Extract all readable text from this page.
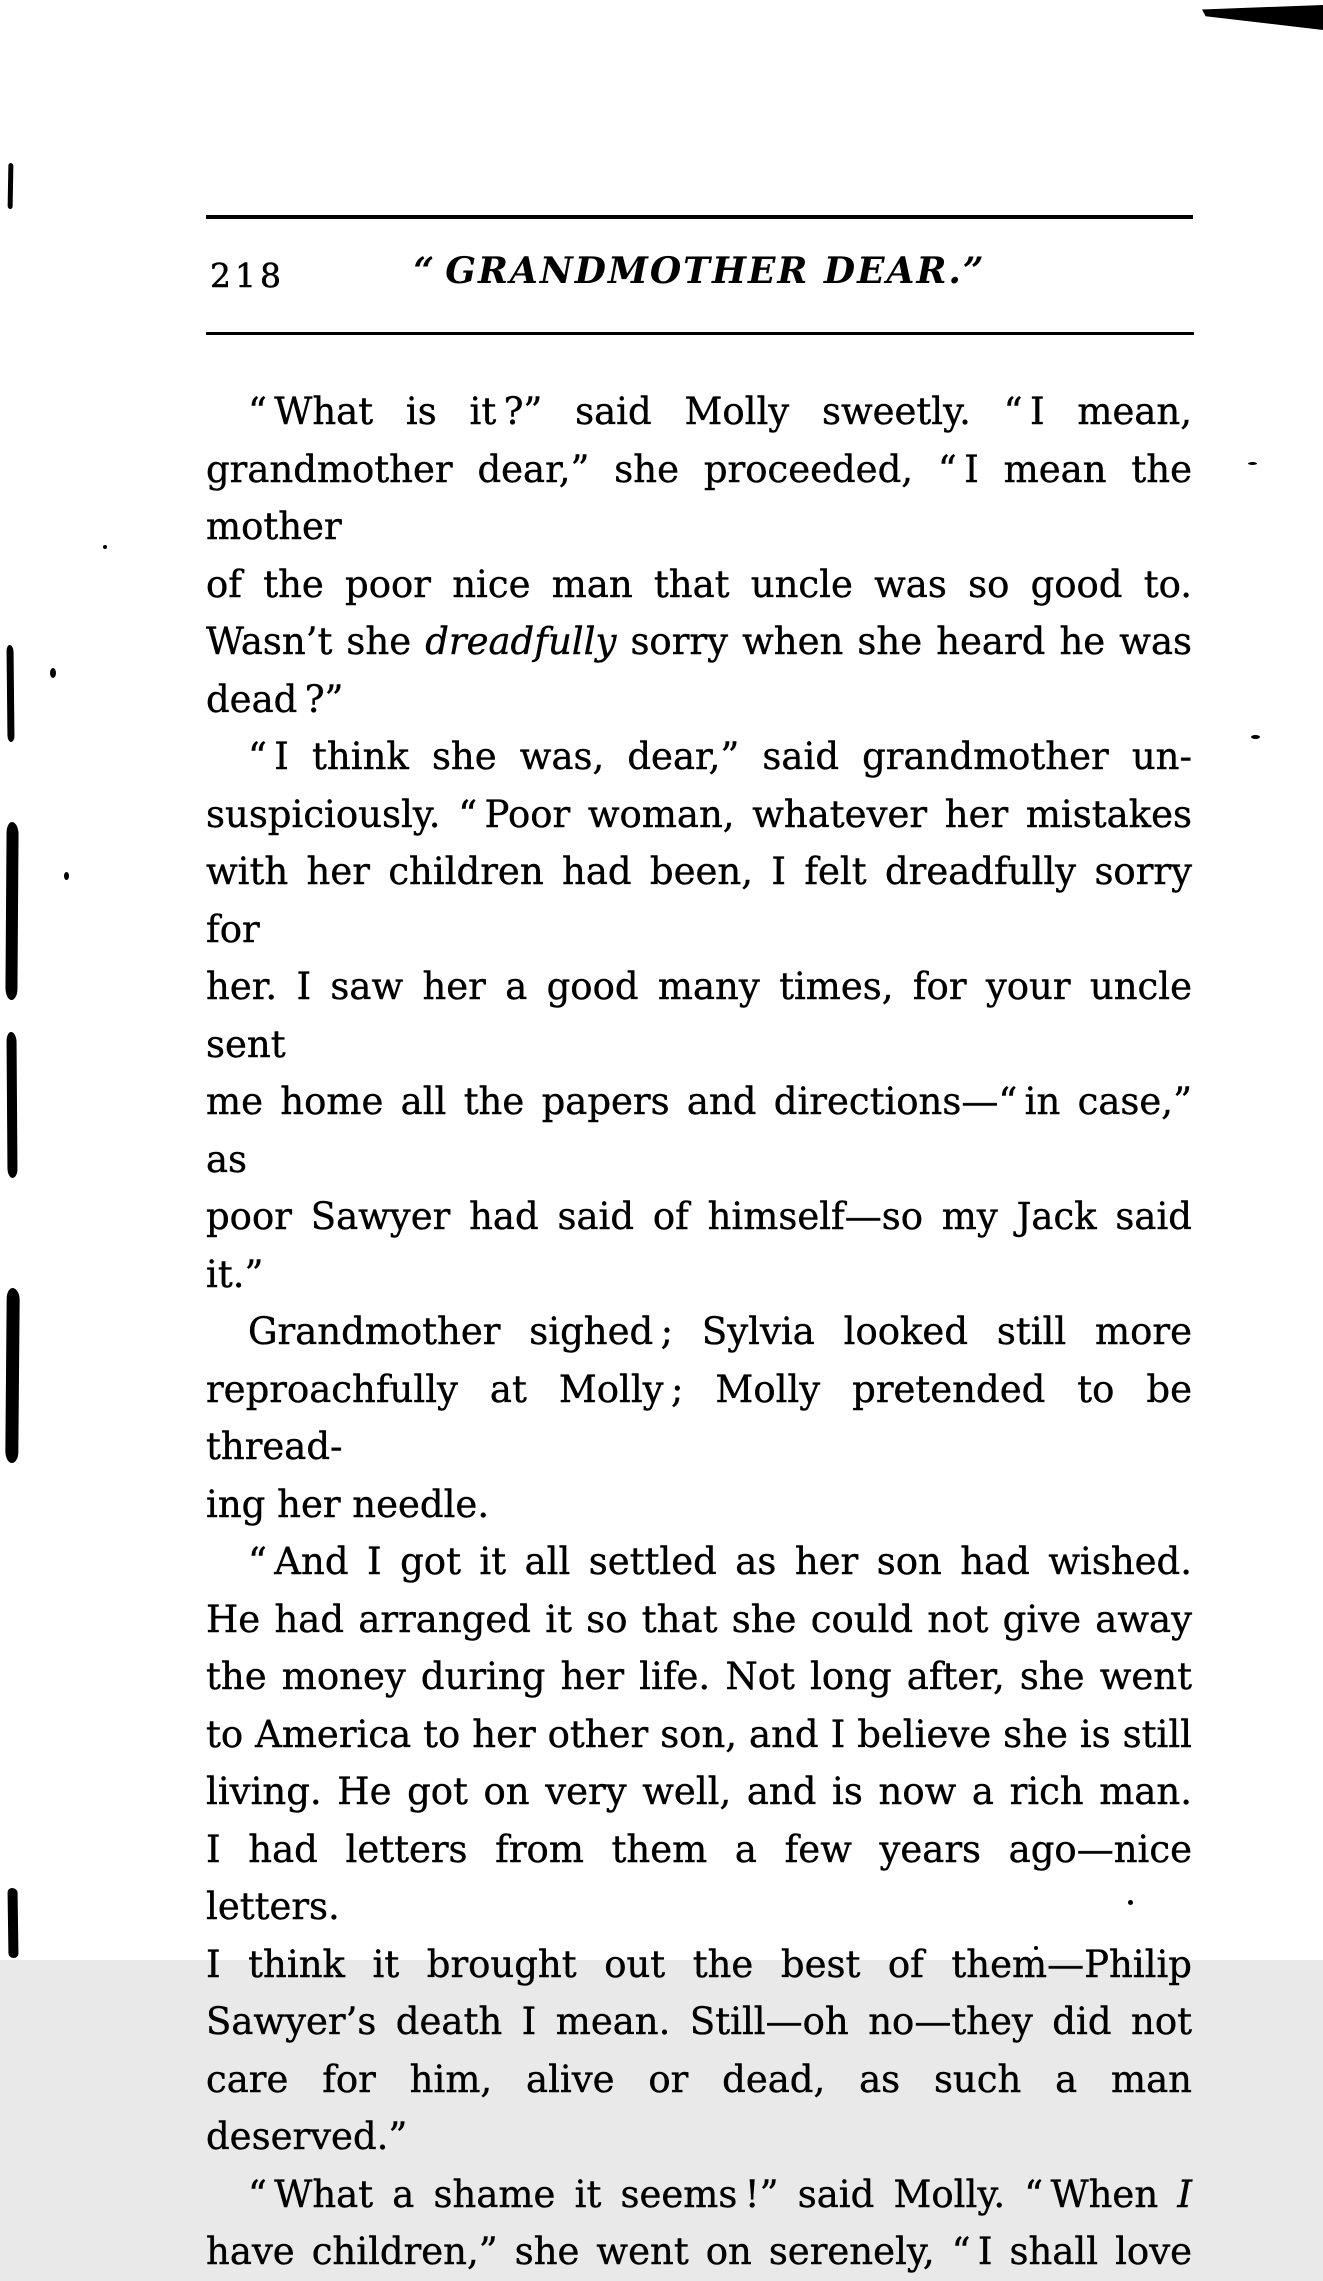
218	“ GRANDMOTHER DEAR.”
“ What is it ?” said Molly sweetly. “ I mean,
grandmother dear,” she proceeded, “ I mean the mother
of the poor nice man that uncle was so good to.
Wasn’t she dreadfully sorry when she heard he was
dead ?”
“ I think she was, dear,” said grandmother un-
suspiciously. “ Poor woman, whatever her mistakes
with her children had been, I felt dreadfully sorry for
her. I saw her a good many times, for your uncle sent
me home all the papers and directions—“ in case,” as
poor Sawyer had said of himself—so my Jack said it.”
Grandmother sighed ; Sylvia looked still more
reproachfully at Molly ; Molly pretended to be thread-
ing her needle.
“ And I got it all settled as her son had wished.
He had arranged it so that she could not give away
the money during her life. Not long after, she went
to America to her other son, and I believe she is still
living. He got on very well, and is now a rich man.
I had letters from them a few years ago—nice letters.
I think it brought out the best of them—Philip
Sawyer’s death I mean. Still—oh no—they did not
care for him, alive or dead, as such a man deserved.”
“ What a shame it seems !” said Molly. “ When I
have children,” she went on serenely, “ I shall love
